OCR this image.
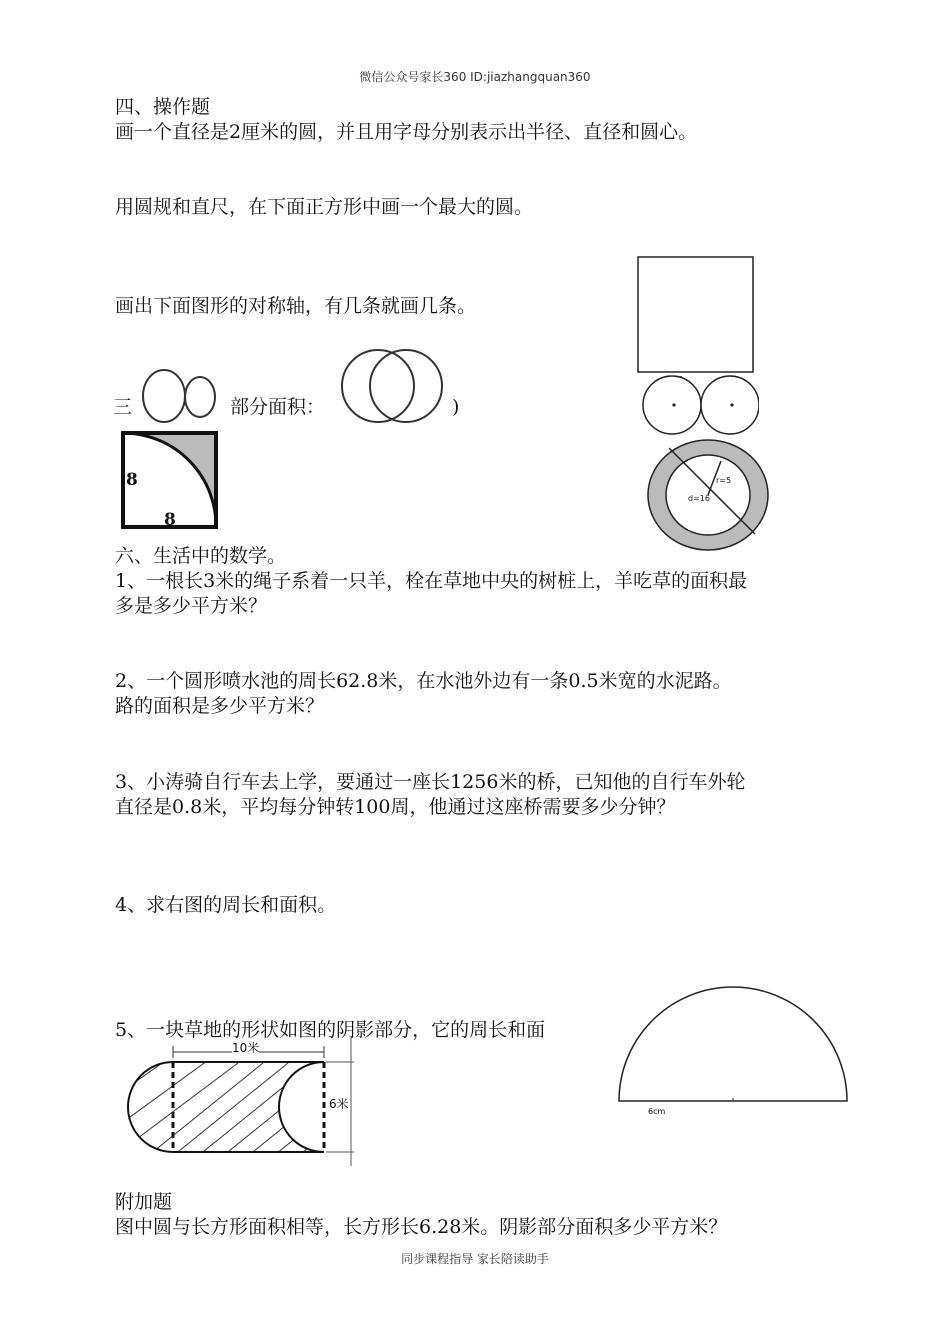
微信公众号家长360 ID:jiazhangquan360
四、操作题
画一个直径是2厘米的圆，并且用字母分别表示出半径、直径和圆心。
用圆规和直尺，在下面正方形中画一个最大的圆。
画出下面图形的对称轴，有几条就画几条。
三	部分面积：	)
8
8
r=5
d=16
六、生活中的数学。
1、一根长3米的绳子系着一只羊，栓在草地中央的树桩上，羊吃草的面积最
多是多少平方米？
2、一个圆形喷水池的周长62.8米，在水池外边有一条0.5米宽的水泥路。
路的面积是多少平方米？
3、小涛骑自行车去上学，要通过一座长1256米的桥，已知他的自行车外轮
直径是0.8米，平均每分钟转100周，他通过这座桥需要多少分钟？
4、求右图的周长和面积。
5、一块草地的形状如图的阴影部分，它的周长和面
6cm
10米
6米
附加题
图中圆与长方形面积相等，长方形长6.28米。阴影部分面积多少平方米？
同步课程指导 家长陪读助手
